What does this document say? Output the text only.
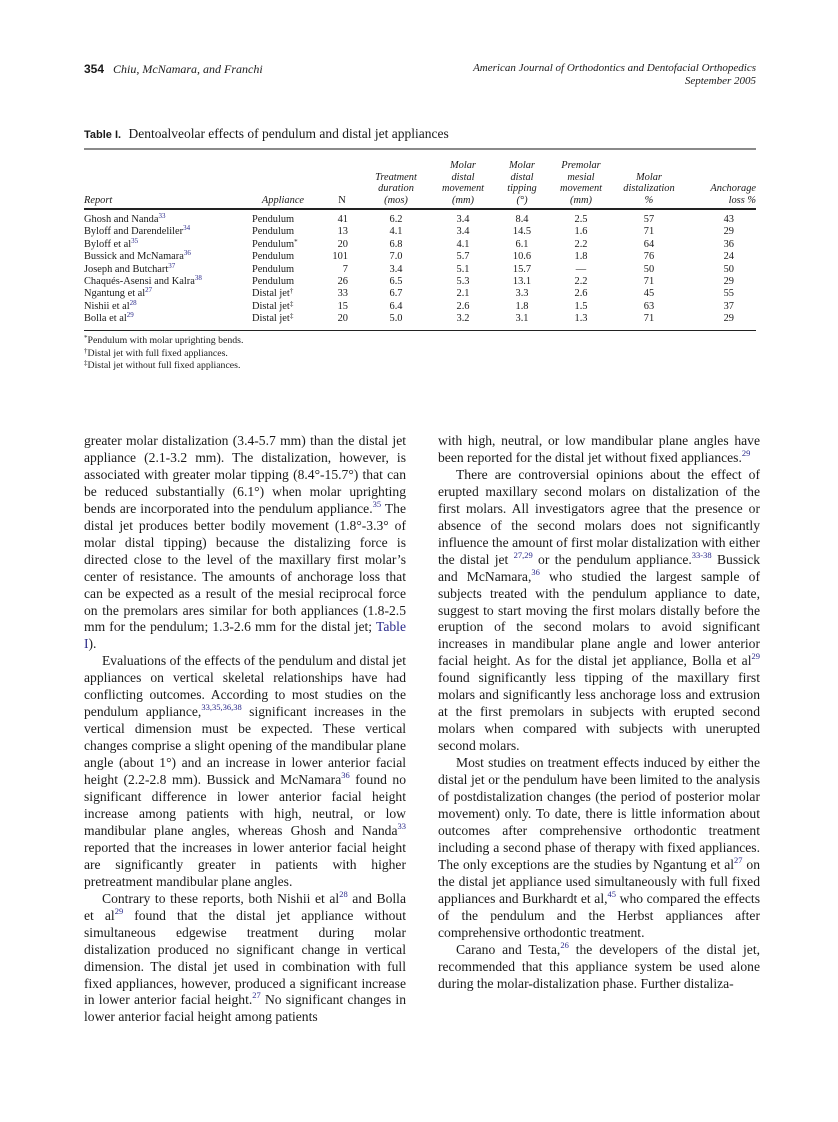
354 Chiu, McNamara, and Franchi	American Journal of Orthodontics and Dentofacial Orthopedics
September 2005
Table I. Dentoalveolar effects of pendulum and distal jet appliances
Report	Appliance	N	Treatment
duration
(mos)	Molar
distal
movement
(mm)	Molar
distal
tipping
(°)	Premolar
mesial
movement
(mm)	Molar
distalization
%	Anchorage
loss %
Ghosh and Nanda$^{33}$	Pendulum	41	6.2	3.4	8.4	2.5	57	43
Byloff and Darendeliler$^{34}$	Pendulum	13	4.1	3.4	14.5	1.6	71	29
Byloff et al$^{35}$	Pendulum*	20	6.8	4.1	6.1	2.2	64	36
Bussick and McNamara$^{36}$	Pendulum	101	7.0	5.7	10.6	1.8	76	24
Joseph and Butchart$^{37}$	Pendulum	7	3.4	5.1	15.7	—	50	50
Chaqués-Asensi and Kalra$^{38}$	Pendulum	26	6.5	5.3	13.1	2.2	71	29
Ngantung et al$^{27}$	Distal jet†	33	6.7	2.1	3.3	2.6	45	55
Nishii et al$^{28}$	Distal jet‡	15	6.4	2.6	1.8	1.5	63	37
Bolla et al$^{29}$	Distal jet‡	20	5.0	3.2	3.1	1.3	71	29
*Pendulum with molar uprighting bends.
†Distal jet with full fixed appliances.
‡Distal jet without full fixed appliances.

greater molar distalization (3.4-5.7 mm) than the distal jet appliance (2.1-3.2 mm). The distalization, however, is associated with greater molar tipping (8.4°-15.7°) that can be reduced substantially (6.1°) when molar uprighting bends are incorporated into the pendulum appliance.$^{35}$ The distal jet produces better bodily movement (1.8°-3.3° of molar distal tipping) because the distalizing force is directed close to the level of the maxillary first molar’s center of resistance. The amounts of anchorage loss that can be expected as a result of the mesial reciprocal force on the premolars ares similar for both appliances (1.8-2.5 mm for the pendulum; 1.3-2.6 mm for the distal jet; Table I).

Evaluations of the effects of the pendulum and distal jet appliances on vertical skeletal relationships have had conflicting outcomes. According to most studies on the pendulum appliance,$^{33,35,36,38}$ significant increases in the vertical dimension must be expected. These vertical changes comprise a slight opening of the mandibular plane angle (about 1°) and an increase in lower anterior facial height (2.2-2.8 mm). Bussick and McNamara$^{36}$ found no significant difference in lower anterior facial height increase among patients with high, neutral, or low mandibular plane angles, whereas Ghosh and Nanda$^{33}$ reported that the increases in lower anterior facial height are significantly greater in patients with higher pretreatment mandibular plane angles.

Contrary to these reports, both Nishii et al$^{28}$ and Bolla et al$^{29}$ found that the distal jet appliance without simultaneous edgewise treatment during molar distalization produced no significant change in vertical dimension. The distal jet used in combination with full fixed appliances, however, produced a significant increase in lower anterior facial height.$^{27}$ No significant changes in lower anterior facial height among patients

with high, neutral, or low mandibular plane angles have been reported for the distal jet without fixed appliances.$^{29}$

There are controversial opinions about the effect of erupted maxillary second molars on distalization of the first molars. All investigators agree that the presence or absence of the second molars does not significantly influence the amount of first molar distalization with either the distal jet $^{27,29}$ or the pendulum appliance.$^{33-38}$ Bussick and McNamara,$^{36}$ who studied the largest sample of subjects treated with the pendulum appliance to date, suggest to start moving the first molars distally before the eruption of the second molars to avoid significant increases in mandibular plane angle and lower anterior facial height. As for the distal jet appliance, Bolla et al$^{29}$ found significantly less tipping of the maxillary first molars and significantly less anchorage loss and extrusion at the first premolars in subjects with erupted second molars when compared with subjects with unerupted second molars.

Most studies on treatment effects induced by either the distal jet or the pendulum have been limited to the analysis of postdistalization changes (the period of posterior molar movement) only. To date, there is little information about outcomes after comprehensive orthodontic treatment including a second phase of therapy with fixed appliances. The only exceptions are the studies by Ngantung et al$^{27}$ on the distal jet appliance used simultaneously with full fixed appliances and Burkhardt et al,$^{45}$ who compared the effects of the pendulum and the Herbst appliances after comprehensive orthodontic treatment.

Carano and Testa,$^{26}$ the developers of the distal jet, recommended that this appliance system be used alone during the molar-distalization phase. Further distaliza-
